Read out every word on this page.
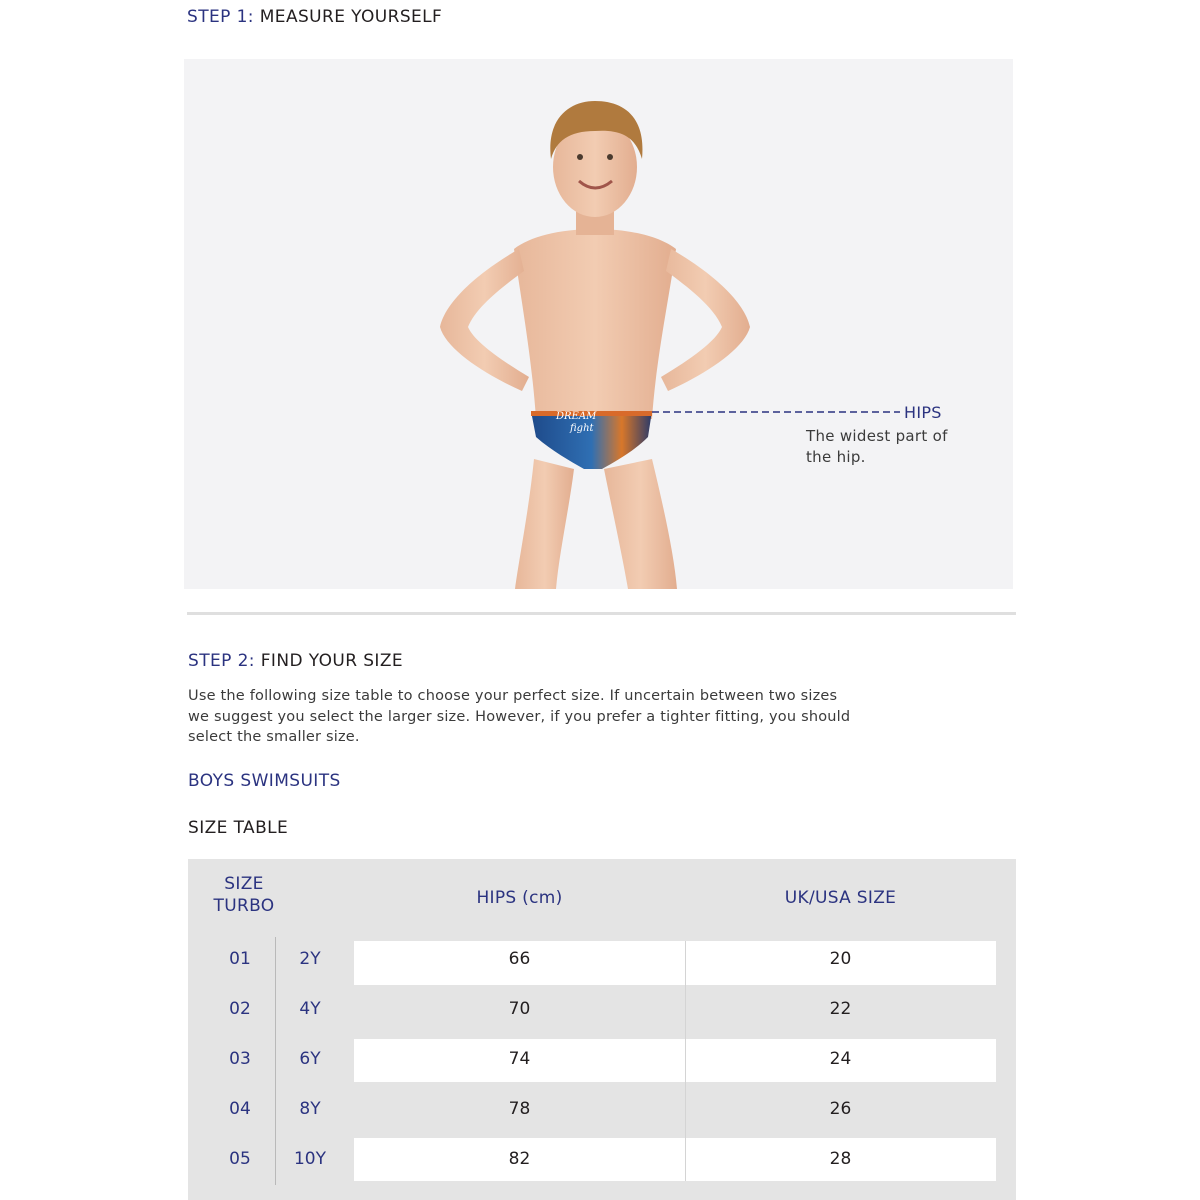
STEP 1: MEASURE YOURSELF
DREAM
fight
HIPS
The widest part of
the hip.
STEP 2: FIND YOUR SIZE
Use the following size table to choose your perfect size. If uncertain between two sizes
we suggest you select the larger size. However, if you prefer a tighter fitting, you should
select the smaller size.
BOYS SWIMSUITS
SIZE TABLE
SIZE
TURBO	HIPS (cm)	UK/USA SIZE
01	2Y	66	20
02	4Y	70	22
03	6Y	74	24
04	8Y	78	26
05	10Y	82	28
